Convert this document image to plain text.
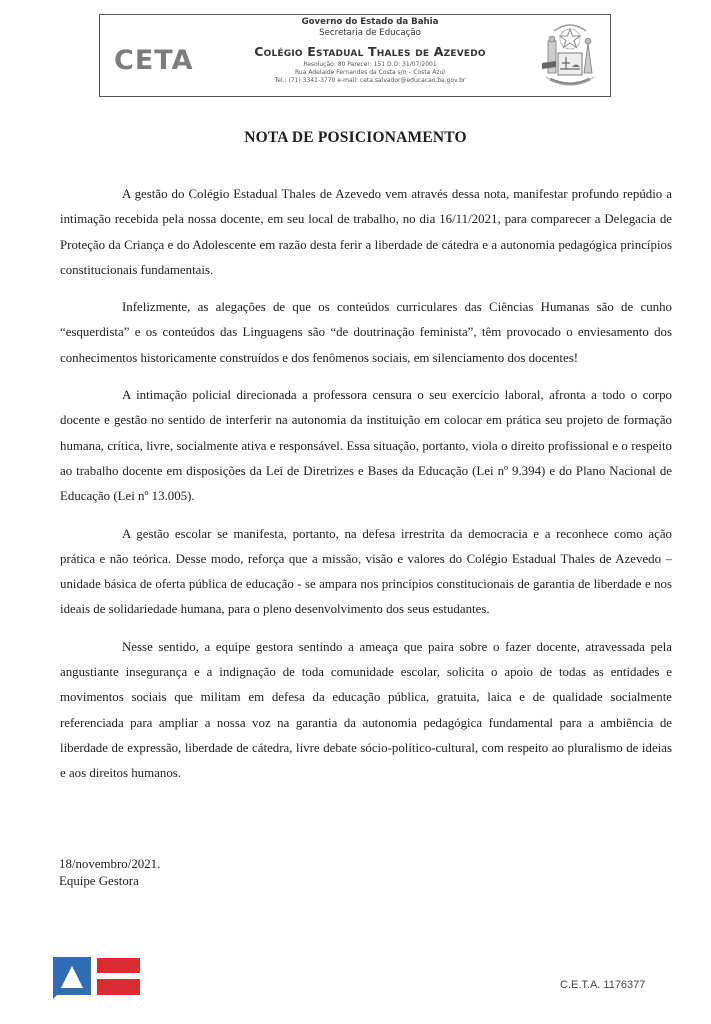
CETA
Governo do Estado da Bahia
Secretaria de Educação
Colégio Estadual Thales de Azevedo
Resolução: 80 Parecer: 151 D.O: 31/07/2001
Rua Adelaide Fernandes da Costa s/n – Costa Azul
Tel.: (71) 3341-3770 e-mail: ceta.salvador@educacao.ba.gov.br
NOTA DE POSICIONAMENTO

A gestão do Colégio Estadual Thales de Azevedo vem através dessa nota, manifestar profundo repúdio a intimação recebida pela nossa docente, em seu local de trabalho, no dia 16/11/2021, para comparecer a Delegacia de Proteção da Criança e do Adolescente em razão desta ferir a liberdade de cátedra e a autonomia pedagógica princípios constitucionais fundamentais.

Infelizmente, as alegações de que os conteúdos curriculares das Ciências Humanas são de cunho “esquerdista” e os conteúdos das Linguagens são “de doutrinação feminista”, têm provocado o enviesamento dos conhecimentos historicamente construídos e dos fenômenos sociais, em silenciamento dos docentes!

A intimação policial direcionada a professora censura o seu exercício laboral, afronta a todo o corpo docente e gestão no sentido de interferir na autonomia da instituição em colocar em prática seu projeto de formação humana, crítica, livre, socialmente ativa e responsável. Essa situação, portanto, viola o direito profissional e o respeito ao trabalho docente em disposições da Lei de Diretrizes e Bases da Educação (Lei nº 9.394) e do Plano Nacional de Educação (Lei nº 13.005).

A gestão escolar se manifesta, portanto, na defesa irrestrita da democracia e a reconhece como ação prática e não teórica. Desse modo, reforça que a missão, visão e valores do Colégio Estadual Thales de Azevedo – unidade básica de oferta pública de educação - se ampara nos princípios constitucionais de garantia de liberdade e nos ideais de solidariedade humana, para o pleno desenvolvimento dos seus estudantes.

Nesse sentido, a equipe gestora sentindo a ameaça que paira sobre o fazer docente, atravessada pela angustiante insegurança e a indignação de toda comunidade escolar, solicita o apoio de todas as entidades e movimentos sociais que militam em defesa da educação pública, gratuita, laica e de qualidade socialmente referenciada para ampliar a nossa voz na garantia da autonomia pedagógica fundamental para a ambiência de liberdade de expressão, liberdade de cátedra, livre debate sócio-político-cultural, com respeito ao pluralismo de ideias e aos direitos humanos.

18/novembro/2021.
Equipe Gestora
C.E.T.A. 1176377
